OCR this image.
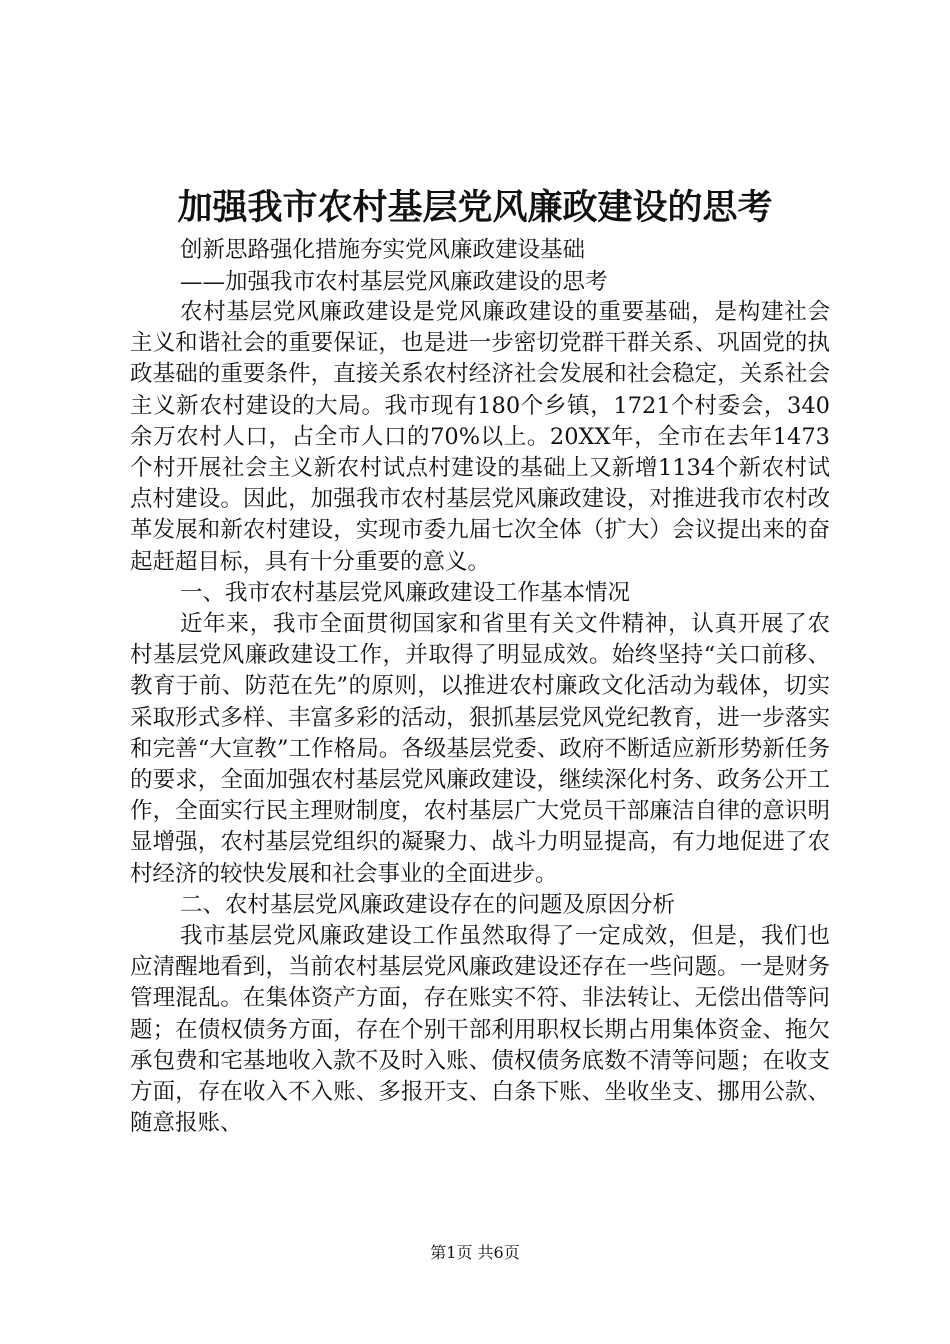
加强我市农村基层党风廉政建设的思考
创新思路强化措施夯实党风廉政建设基础
——加强我市农村基层党风廉政建设的思考

农村基层党风廉政建设是党风廉政建设的重要基础，是构建社会主义和谐社会的重要保证，也是进一步密切党群干群关系、巩固党的执政基础的重要条件，直接关系农村经济社会发展和社会稳定，关系社会主义新农村建设的大局。我市现有180个乡镇，1721个村委会，340余万农村人口，占全市人口的70%以上。20XX年，全市在去年1473个村开展社会主义新农村试点村建设的基础上又新增1134个新农村试点村建设。因此，加强我市农村基层党风廉政建设，对推进我市农村改革发展和新农村建设，实现市委九届七次全体（扩大）会议提出来的奋起赶超目标，具有十分重要的意义。

一、我市农村基层党风廉政建设工作基本情况

近年来，我市全面贯彻国家和省里有关文件精神，认真开展了农村基层党风廉政建设工作，并取得了明显成效。始终坚持“关口前移、教育于前、防范在先”的原则，以推进农村廉政文化活动为载体，切实采取形式多样、丰富多彩的活动，狠抓基层党风党纪教育，进一步落实和完善“大宣教”工作格局。各级基层党委、政府不断适应新形势新任务的要求，全面加强农村基层党风廉政建设，继续深化村务、政务公开工作，全面实行民主理财制度，农村基层广大党员干部廉洁自律的意识明显增强，农村基层党组织的凝聚力、战斗力明显提高，有力地促进了农村经济的较快发展和社会事业的全面进步。

二、农村基层党风廉政建设存在的问题及原因分析

我市基层党风廉政建设工作虽然取得了一定成效，但是，我们也应清醒地看到，当前农村基层党风廉政建设还存在一些问题。一是财务管理混乱。在集体资产方面，存在账实不符、非法转让、无偿出借等问题；在债权债务方面，存在个别干部利用职权长期占用集体资金、拖欠承包费和宅基地收入款不及时入账、债权债务底数不清等问题；在收支方面，存在收入不入账、多报开支、白条下账、坐收坐支、挪用公款、随意报账、

第1页 共6页
